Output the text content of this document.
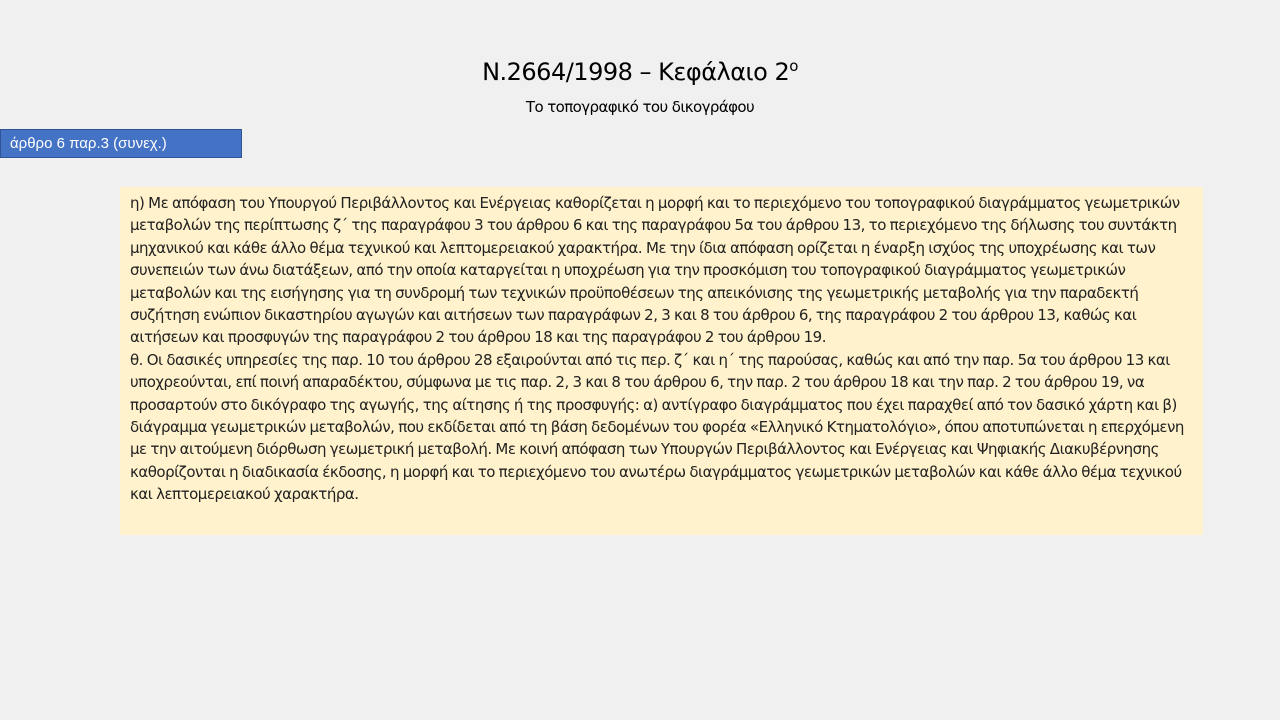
Ν.2664/1998 – Κεφάλαιο $2^o$
Το τοπογραφικό του δικογράφου
άρθρο 6 παρ.3 (συνεχ.)

η) Με απόφαση του Υπουργού Περιβάλλοντος και Ενέργειας καθορίζεται η μορφή και το περιεχόμενο του τοπογραφικού διαγράμματος γεωμετρικών μεταβολών της περίπτωσης ζ΄ της παραγράφου 3 του άρθρου 6 και της παραγράφου 5α του άρθρου 13, το περιεχόμενο της δήλωσης του συντάκτη μηχανικού και κάθε άλλο θέμα τεχνικού και λεπτομερειακού χαρακτήρα. Με την ίδια απόφαση ορίζεται η έναρξη ισχύος της υποχρέωσης και των συνεπειών των άνω διατάξεων, από την οποία καταργείται η υποχρέωση για την προσκόμιση του τοπογραφικού διαγράμματος γεωμετρικών μεταβολών και της εισήγησης για τη συνδρομή των τεχνικών προϋποθέσεων της απεικόνισης της γεωμετρικής μεταβολής για την παραδεκτή συζήτηση ενώπιον δικαστηρίου αγωγών και αιτήσεων των παραγράφων 2, 3 και 8 του άρθρου 6, της παραγράφου 2 του άρθρου 13, καθώς και αιτήσεων και προσφυγών της παραγράφου 2 του άρθρου 18 και της παραγράφου 2 του άρθρου 19.

θ. Οι δασικές υπηρεσίες της παρ. 10 του άρθρου 28 εξαιρούνται από τις περ. ζ΄ και η΄ της παρούσας, καθώς και από την παρ. 5α του άρθρου 13 και υποχρεούνται, επί ποινή απαραδέκτου, σύμφωνα με τις παρ. 2, 3 και 8 του άρθρου 6, την παρ. 2 του άρθρου 18 και την παρ. 2 του άρθρου 19, να προσαρτούν στο δικόγραφο της αγωγής, της αίτησης ή της προσφυγής: α) αντίγραφο διαγράμματος που έχει παραχθεί από τον δασικό χάρτη και β) διάγραμμα γεωμετρικών μεταβολών, που εκδίδεται από τη βάση δεδομένων του φορέα «Ελληνικό Κτηματολόγιο», όπου αποτυπώνεται η επερχόμενη με την αιτούμενη διόρθωση γεωμετρική μεταβολή. Με κοινή απόφαση των Υπουργών Περιβάλλοντος και Ενέργειας και Ψηφιακής Διακυβέρνησης καθορίζονται η διαδικασία έκδοσης, η μορφή και το περιεχόμενο του ανωτέρω διαγράμματος γεωμετρικών μεταβολών και κάθε άλλο θέμα τεχνικού και λεπτομερειακού χαρακτήρα.
